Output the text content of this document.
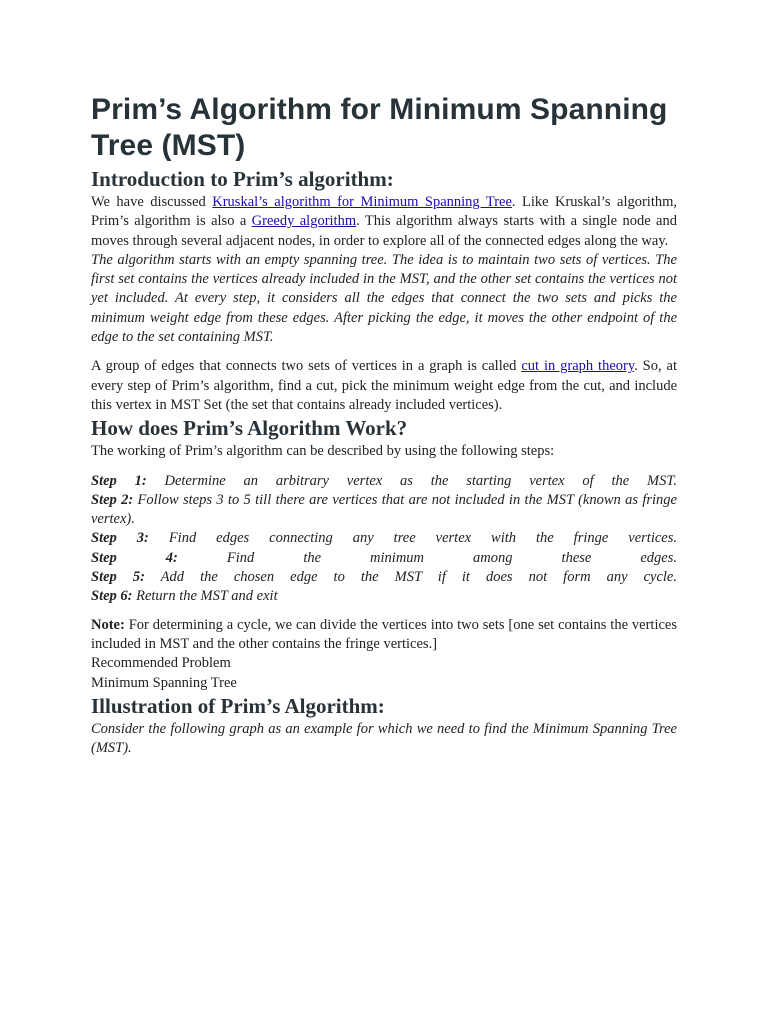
Prim’s Algorithm for Minimum Spanning Tree (MST)
Introduction to Prim’s algorithm:

We have discussed Kruskal’s algorithm for Minimum Spanning Tree. Like Kruskal’s algorithm, Prim’s algorithm is also a Greedy algorithm. This algorithm always starts with a single node and moves through several adjacent nodes, in order to explore all of the connected edges along the way.

The algorithm starts with an empty spanning tree. The idea is to maintain two sets of vertices. The first set contains the vertices already included in the MST, and the other set contains the vertices not yet included. At every step, it considers all the edges that connect the two sets and picks the minimum weight edge from these edges. After picking the edge, it moves the other endpoint of the edge to the set containing MST.

A group of edges that connects two sets of vertices in a graph is called cut in graph theory. So, at every step of Prim’s algorithm, find a cut, pick the minimum weight edge from the cut, and include this vertex in MST Set (the set that contains already included vertices).

How does Prim’s Algorithm Work?

The working of Prim’s algorithm can be described by using the following steps:

Step 1: Determine an arbitrary vertex as the starting vertex of the MST.

Step 2: Follow steps 3 to 5 till there are vertices that are not included in the MST (known as fringe vertex).

Step 3: Find edges connecting any tree vertex with the fringe vertices.

Step 4: Find the minimum among these edges.

Step 5: Add the chosen edge to the MST if it does not form any cycle.

Step 6: Return the MST and exit

Note: For determining a cycle, we can divide the vertices into two sets [one set contains the vertices included in MST and the other contains the fringe vertices.]

Recommended Problem

Minimum Spanning Tree

Illustration of Prim’s Algorithm:

Consider the following graph as an example for which we need to find the Minimum Spanning Tree (MST).
